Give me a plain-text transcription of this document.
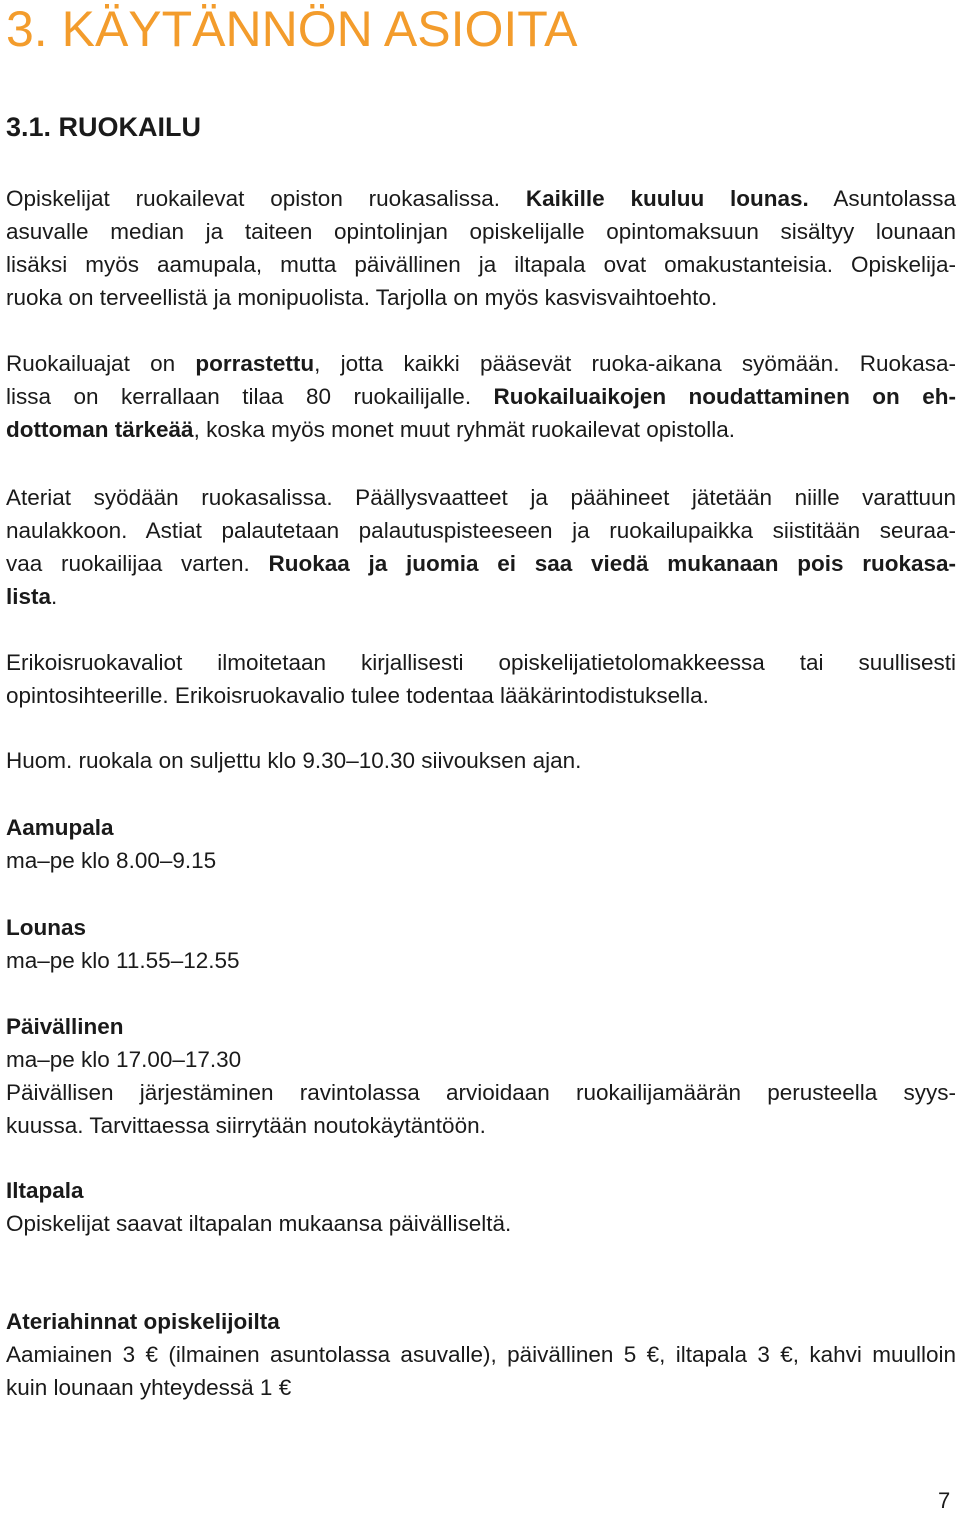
3. KÄYTÄNNÖN ASIOITA
3.1. RUOKAILU
Opiskelijat ruokailevat opiston ruokasalissa. Kaikille kuuluu lounas. Asuntolassa
asuvalle median ja taiteen opintolinjan opiskelijalle opintomaksuun sisältyy lounaan
lisäksi myös aamupala, mutta päivällinen ja iltapala ovat omakustanteisia. Opiskelija-
ruoka on terveellistä ja monipuolista. Tarjolla on myös kasvisvaihtoehto.
Ruokailuajat on porrastettu, jotta kaikki pääsevät ruoka-aikana syömään. Ruokasa-
lissa on kerrallaan tilaa 80 ruokailijalle. Ruokailuaikojen noudattaminen on eh-
dottoman tärkeää, koska myös monet muut ryhmät ruokailevat opistolla.
Ateriat syödään ruokasalissa. Päällysvaatteet ja päähineet jätetään niille varattuun
naulakkoon. Astiat palautetaan palautuspisteeseen ja ruokailupaikka siistitään seuraa-
vaa ruokailijaa varten. Ruokaa ja juomia ei saa viedä mukanaan pois ruokasa-
lista.
Erikoisruokavaliot ilmoitetaan kirjallisesti opiskelijatietolomakkeessa tai suullisesti
opintosihteerille. Erikoisruokavalio tulee todentaa lääkärintodistuksella.
Huom. ruokala on suljettu klo 9.30–10.30 siivouksen ajan.
Aamupala
ma–pe klo 8.00–9.15
Lounas
ma–pe klo 11.55–12.55
Päivällinen
ma–pe klo 17.00–17.30
Päivällisen järjestäminen ravintolassa arvioidaan ruokailijamäärän perusteella syys-
kuussa. Tarvittaessa siirrytään noutokäytäntöön.
Iltapala
Opiskelijat saavat iltapalan mukaansa päivälliseltä.
Ateriahinnat opiskelijoilta
Aamiainen 3 € (ilmainen asuntolassa asuvalle), päivällinen 5 €, iltapala 3 €, kahvi muulloin
kuin lounaan yhteydessä 1 €
7
